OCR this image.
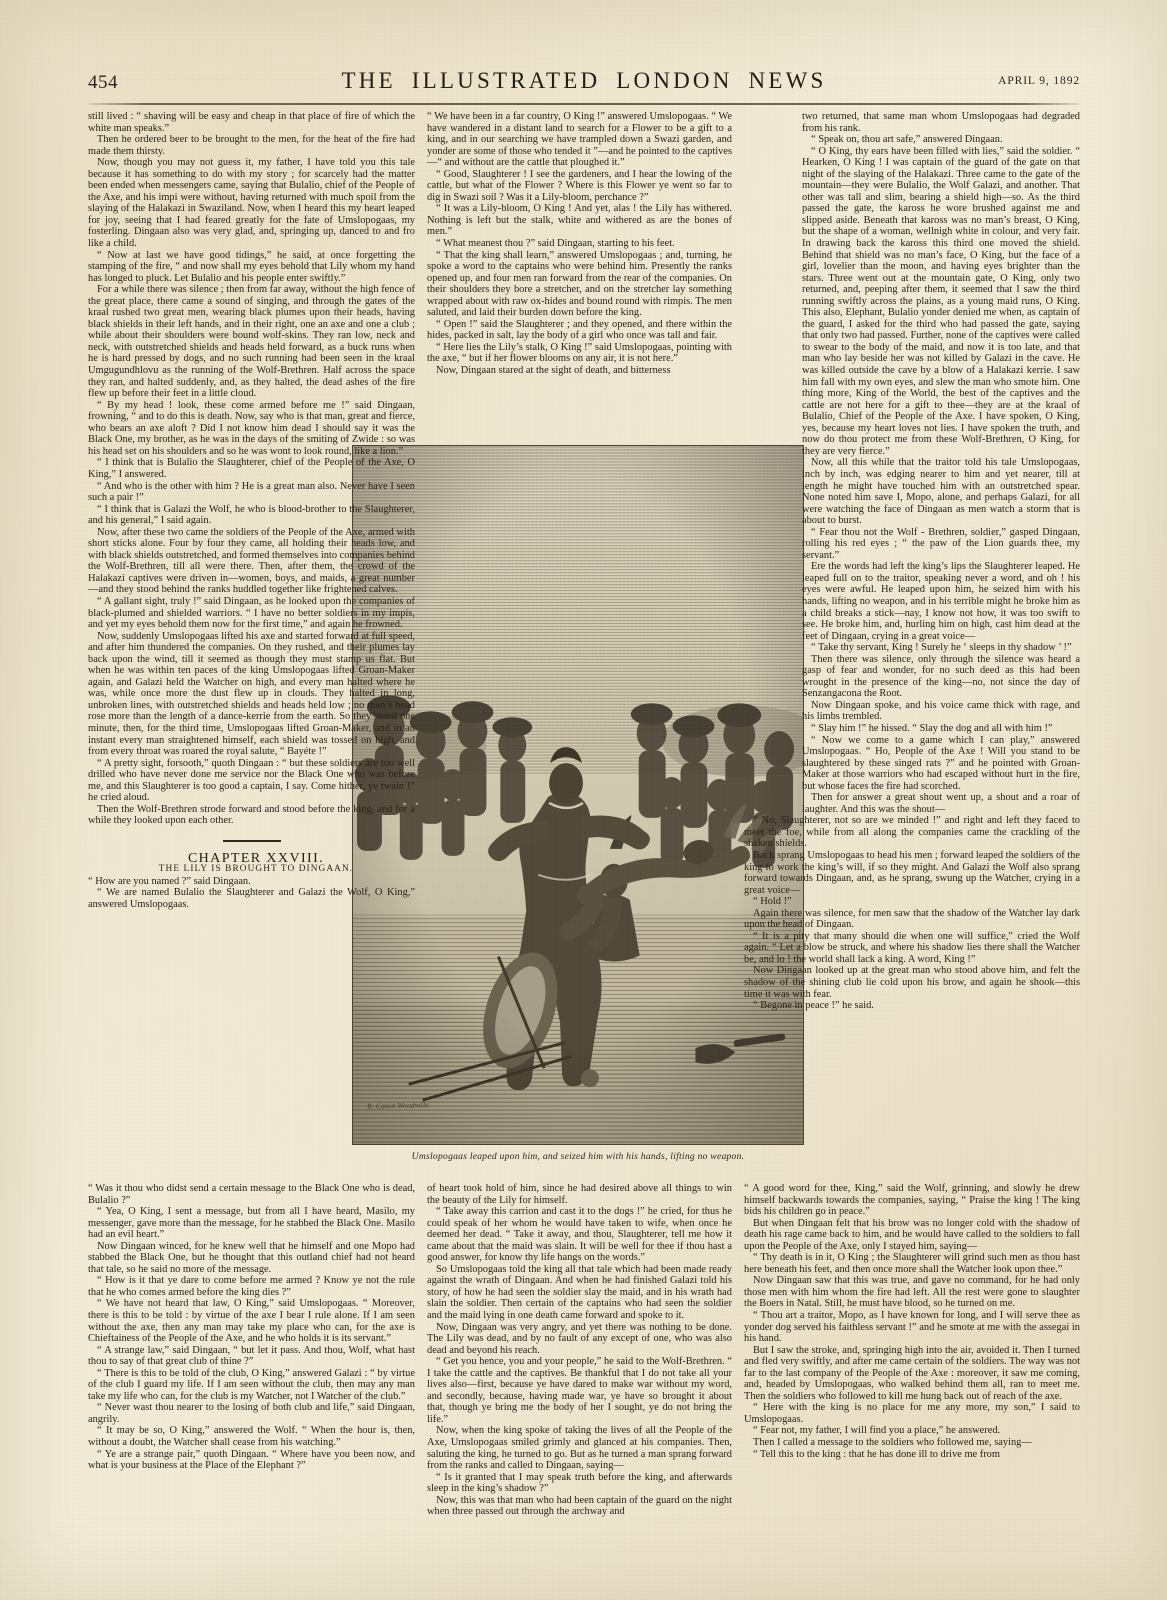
454	THE ILLUSTRATED LONDON NEWS	APRIL 9, 1892
R. Caton Woodville
Umslopogaas leaped upon him, and seized him with his hands, lifting no weapon.

still lived : “ shaving will be easy and cheap in that place of fire of which the white man speaks.”

Then he ordered beer to be brought to the men, for the heat of the fire had made them thirsty.

Now, though you may not guess it, my father, I have told you this tale because it has something to do with my story ; for scarcely had the matter been ended when messengers came, saying that Bulalio, chief of the People of the Axe, and his impi were without, having returned with much spoil from the slaying of the Halakazi in Swaziland. Now, when I heard this my heart leaped for joy, seeing that I had feared greatly for the fate of Umslopogaas, my fosterling. Dingaan also was very glad, and, springing up, danced to and fro like a child.

“ Now at last we have good tidings,” he said, at once forgetting the stamping of the fire, “ and now shall my eyes behold that Lily whom my hand has longed to pluck. Let Bulalio and his people enter swiftly.”

For a while there was silence ; then from far away, without the high fence of the great place, there came a sound of singing, and through the gates of the kraal rushed two great men, wearing black plumes upon their heads, having black shields in their left hands, and in their right, one an axe and one a club ; while about their shoulders were bound wolf-skins. They ran low, neck and neck, with outstretched shields and heads held forward, as a buck runs when he is hard pressed by dogs, and no such running had been seen in the kraal Umgugundhlovu as the running of the Wolf-Brethren. Half across the space they ran, and halted suddenly, and, as they halted, the dead ashes of the fire flew up before their feet in a little cloud.

“ By my head ! look, these come armed before me !” said Dingaan, frowning, “ and to do this is death. Now, say who is that man, great and fierce, who bears an axe aloft ? Did I not know him dead I should say it was the Black One, my brother, as he was in the days of the smiting of Zwide : so was his head set on his shoulders and so he was wont to look round, like a lion.”

“ I think that is Bulalio the Slaughterer, chief of the People of the Axe, O King,” I answered.

“ And who is the other with him ? He is a great man also. Never have I seen such a pair !”

“ I think that is Galazi the Wolf, he who is blood-brother to the Slaughterer, and his general,” I said again.

Now, after these two came the soldiers of the People of the Axe, armed with short sticks alone. Four by four they came, all holding their heads low, and with black shields outstretched, and formed themselves into companies behind the Wolf-Brethren, till all were there. Then, after them, the crowd of the Halakazi captives were driven in—women, boys, and maids, a great number—and they stood behind the ranks huddled together like frightened calves.

“ A gallant sight, truly !” said Dingaan, as he looked upon the companies of black-plumed and shielded warriors. “ I have no better soldiers in my impis, and yet my eyes behold them now for the first time,” and again he frowned.

Now, suddenly Umslopogaas lifted his axe and started forward at full speed, and after him thundered the companies. On they rushed, and their plumes lay back upon the wind, till it seemed as though they must stamp us flat. But when he was within ten paces of the king Umslopogaas lifted Groan-Maker again, and Galazi held the Watcher on high, and every man halted where he was, while once more the dust flew up in clouds. They halted in long, unbroken lines, with outstretched shields and heads held low ; no man’s head rose more than the length of a dance-kerrie from the earth. So they stood one minute, then, for the third time, Umslopogaas lifted Groan-Maker, and in an instant every man straightened himself, each shield was tossed on high, and from every throat was roared the royal salute, “ Bayéte !”

“ A pretty sight, forsooth,” quoth Dingaan : “ but these soldiers are too well drilled who have never done me service nor the Black One who was before me, and this Slaughterer is too good a captain, I say. Come hither, ye twain !” he cried aloud.

Then the Wolf-Brethren strode forward and stood before the king, and for a while they looked upon each other.

CHAPTER XXVIII.

THE LILY IS BROUGHT TO DINGAAN.

“ How are you named ?” said Dingaan.

“ We are named Bulalio the Slaughterer and Galazi the Wolf, O King,” answered Umslopogaas.

“ We have been in a far country, O King !” answered Umslopogaas. “ We have wandered in a distant land to search for a Flower to be a gift to a king, and in our searching we have trampled down a Swazi garden, and yonder are some of those who tended it ”—and he pointed to the captives—“ and without are the cattle that ploughed it.”

“ Good, Slaughterer ! I see the gardeners, and I hear the lowing of the cattle, but what of the Flower ? Where is this Flower ye went so far to dig in Swazi soil ? Was it a Lily-bloom, perchance ?”

“ It was a Lily-bloom, O King ! And yet, alas ! the Lily has withered. Nothing is left but the stalk, white and withered as are the bones of men.”

“ What meanest thou ?” said Dingaan, starting to his feet.

“ That the king shall learn,” answered Umslopogaas ; and, turning, he spoke a word to the captains who were behind him. Presently the ranks opened up, and four men ran forward from the rear of the companies. On their shoulders they bore a stretcher, and on the stretcher lay something wrapped about with raw ox-hides and bound round with rimpis. The men saluted, and laid their burden down before the king.

“ Open !” said the Slaughterer ; and they opened, and there within the hides, packed in salt, lay the body of a girl who once was tall and fair.

“ Here lies the Lily’s stalk, O King !” said Umslopogaas, pointing with the axe, “ but if her flower blooms on any air, it is not here.”

Now, Dingaan stared at the sight of death, and bitterness

two returned, that same man whom Umslopogaas had degraded from his rank.

“ Speak on, thou art safe,” answered Dingaan.

“ O King, thy ears have been filled with lies,” said the soldier. “ Hearken, O King ! I was captain of the guard of the gate on that night of the slaying of the Halakazi. Three came to the gate of the mountain—they were Bulalio, the Wolf Galazi, and another. That other was tall and slim, bearing a shield high—so. As the third passed the gate, the kaross he wore brushed against me and slipped aside. Beneath that kaross was no man’s breast, O King, but the shape of a woman, wellnigh white in colour, and very fair. In drawing back the kaross this third one moved the shield. Behind that shield was no man’s face, O King, but the face of a girl, lovelier than the moon, and having eyes brighter than the stars. Three went out at the mountain gate, O King, only two returned, and, peeping after them, it seemed that I saw the third running swiftly across the plains, as a young maid runs, O King. This also, Elephant, Bulalio yonder denied me when, as captain of the guard, I asked for the third who had passed the gate, saying that only two had passed. Further, none of the captives were called to swear to the body of the maid, and now it is too late, and that man who lay beside her was not killed by Galazi in the cave. He was killed outside the cave by a blow of a Halakazi kerrie. I saw him fall with my own eyes, and slew the man who smote him. One thing more, King of the World, the best of the captives and the cattle are not here for a gift to thee—they are at the kraal of Bulalio, Chief of the People of the Axe. I have spoken, O King, yes, because my heart loves not lies. I have spoken the truth, and now do thou protect me from these Wolf-Brethren, O King, for they are very fierce.”

Now, all this while that the traitor told his tale Umslopogaas, inch by inch, was edging nearer to him and yet nearer, till at length he might have touched him with an outstretched spear. None noted him save I, Mopo, alone, and perhaps Galazi, for all were watching the face of Dingaan as men watch a storm that is about to burst.

“ Fear thou not the Wolf - Brethren, soldier,” gasped Dingaan, rolling his red eyes ; “ the paw of the Lion guards thee, my servant.”

Ere the words had left the king’s lips the Slaughterer leaped. He leaped full on to the traitor, speaking never a word, and oh ! his eyes were awful. He leaped upon him, he seized him with his hands, lifting no weapon, and in his terrible might he broke him as a child breaks a stick—nay, I know not how, it was too swift to see. He broke him, and, hurling him on high, cast him dead at the feet of Dingaan, crying in a great voice—

“ Take thy servant, King ! Surely he ‘ sleeps in thy shadow ’ !”

Then there was silence, only through the silence was heard a gasp of fear and wonder, for no such deed as this had been wrought in the presence of the king—no, not since the day of Senzangacona the Root.

Now Dingaan spoke, and his voice came thick with rage, and his limbs trembled.

“ Slay him !” he hissed. “ Slay the dog and all with him !”

“ Now we come to a game which I can play,” answered Umslopogaas. “ Ho, People of the Axe ! Will you stand to be slaughtered by these singed rats ?” and he pointed with Groan-Maker at those warriors who had escaped without hurt in the fire, but whose faces the fire had scorched.

Then for answer a great shout went up, a shout and a roar of laughter. And this was the shout—

“ No, Slaughterer, not so are we minded !” and right and left they faced to meet the foe, while from all along the companies came the crackling of the shaken shields.

Back sprang Umslopogaas to head his men ; forward leaped the soldiers of the king to work the king’s will, if so they might. And Galazi the Wolf also sprang forward towards Dingaan, and, as he sprang, swung up the Watcher, crying in a great voice—

“ Hold !”

Again there was silence, for men saw that the shadow of the Watcher lay dark upon the head of Dingaan.

“ It is a pity that many should die when one will suffice,” cried the Wolf again. “ Let a blow be struck, and where his shadow lies there shall the Watcher be, and lo ! the world shall lack a king. A word, King !”

Now Dingaan looked up at the great man who stood above him, and felt the shadow of the shining club lie cold upon his brow, and again he shook—this time it was with fear.

“ Begone in peace !” he said.

“ Was it thou who didst send a certain message to the Black One who is dead, Bulalio ?”

“ Yea, O King, I sent a message, but from all I have heard, Masilo, my messenger, gave more than the message, for he stabbed the Black One. Masilo had an evil heart.”

Now Dingaan winced, for he knew well that he himself and one Mopo had stabbed the Black One, but he thought that this outland chief had not heard that tale, so he said no more of the message.

“ How is it that ye dare to come before me armed ? Know ye not the rule that he who comes armed before the king dies ?”

“ We have not heard that law, O King,” said Umslopogaas. “ Moreover, there is this to be told : by virtue of the axe I bear I rule alone. If I am seen without the axe, then any man may take my place who can, for the axe is Chieftainess of the People of the Axe, and he who holds it is its servant.”

“ A strange law,” said Dingaan, “ but let it pass. And thou, Wolf, what hast thou to say of that great club of thine ?”

“ There is this to be told of the club, O King,” answered Galazi : “ by virtue of the club I guard my life. If I am seen without the club, then may any man take my life who can, for the club is my Watcher, not I Watcher of the club.”

“ Never wast thou nearer to the losing of both club and life,” said Dingaan, angrily.

“ It may be so, O King,” answered the Wolf. “ When the hour is, then, without a doubt, the Watcher shall cease from his watching.”

“ Ye are a strange pair,” quoth Dingaan. “ Where have you been now, and what is your business at the Place of the Elephant ?”

of heart took hold of him, since he had desired above all things to win the beauty of the Lily for himself.

“ Take away this carrion and cast it to the dogs !” he cried, for thus he could speak of her whom he would have taken to wife, when once he deemed her dead. “ Take it away, and thou, Slaughterer, tell me how it came about that the maid was slain. It will be well for thee if thou hast a good answer, for know thy life hangs on the words.”

So Umslopogaas told the king all that tale which had been made ready against the wrath of Dingaan. And when he had finished Galazi told his story, of how he had seen the soldier slay the maid, and in his wrath had slain the soldier. Then certain of the captains who had seen the soldier and the maid lying in one death came forward and spoke to it.

Now, Dingaan was very angry, and yet there was nothing to be done. The Lily was dead, and by no fault of any except of one, who was also dead and beyond his reach.

“ Get you hence, you and your people,” he said to the Wolf-Brethren. “ I take the cattle and the captives. Be thankful that I do not take all your lives also—first, because ye have dared to make war without my word, and secondly, because, having made war, ye have so brought it about that, though ye bring me the body of her I sought, ye do not bring the life.”

Now, when the king spoke of taking the lives of all the People of the Axe, Umslopogaas smiled grimly and glanced at his companies. Then, saluting the king, he turned to go. But as he turned a man sprang forward from the ranks and called to Dingaan, saying—

“ Is it granted that I may speak truth before the king, and afterwards sleep in the king’s shadow ?”

Now, this was that man who had been captain of the guard on the night when three passed out through the archway and

“ A good word for thee, King,” said the Wolf, grinning, and slowly he drew himself backwards towards the companies, saying, “ Praise the king ! The king bids his children go in peace.”

But when Dingaan felt that his brow was no longer cold with the shadow of death his rage came back to him, and he would have called to the soldiers to fall upon the People of the Axe, only I stayed him, saying—

“ Thy death is in it, O King ; the Slaughterer will grind such men as thou hast here beneath his feet, and then once more shall the Watcher look upon thee.”

Now Dingaan saw that this was true, and gave no command, for he had only those men with him whom the fire had left. All the rest were gone to slaughter the Boers in Natal. Still, he must have blood, so he turned on me.

“ Thou art a traitor, Mopo, as I have known for long, and I will serve thee as yonder dog served his faithless servant !” and he smote at me with the assegai in his hand.

But I saw the stroke, and, springing high into the air, avoided it. Then I turned and fled very swiftly, and after me came certain of the soldiers. The way was not far to the last company of the People of the Axe : moreover, it saw me coming, and, headed by Umslopogaas, who walked behind them all, ran to meet me. Then the soldiers who followed to kill me hung back out of reach of the axe.

“ Here with the king is no place for me any more, my son,” I said to Umslopogaas.

“ Fear not, my father, I will find you a place,” he answered.

Then I called a message to the soldiers who followed me, saying—

“ Tell this to the king : that he has done ill to drive me from
